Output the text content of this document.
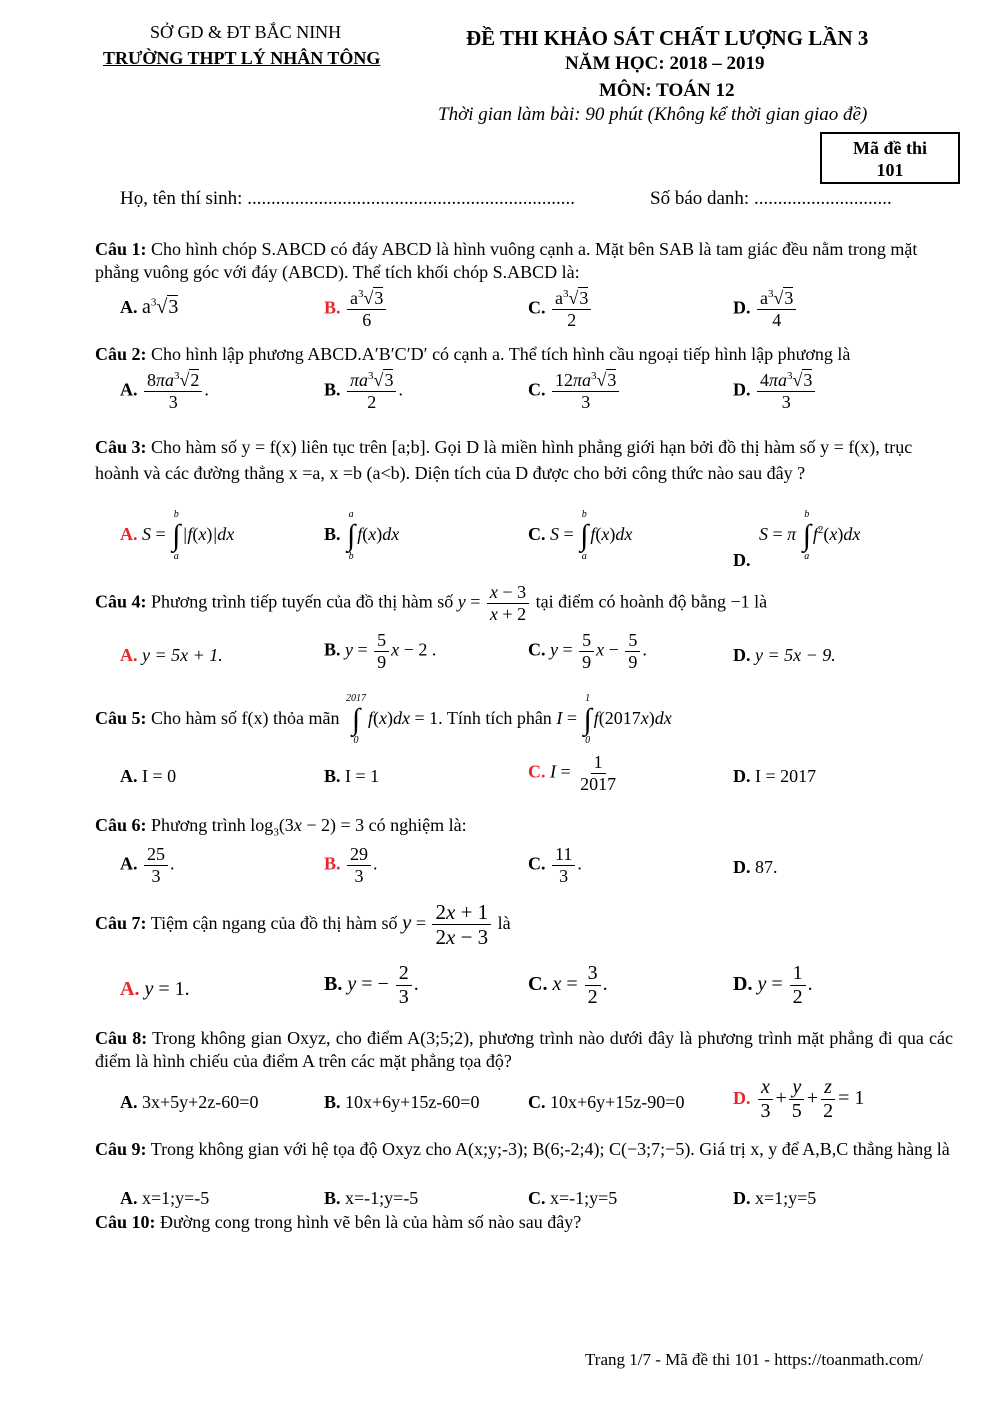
SỞ GD & ĐT BẮC NINH
TRƯỜNG THPT LÝ NHÂN TÔNG
ĐỀ THI KHẢO SÁT CHẤT LƯỢNG LẦN 3
NĂM HỌC: 2018 – 2019
MÔN: TOÁN 12
Thời gian làm bài: 90 phút (Không kể thời gian giao đề)
Mã đề thi
101
Họ, tên thí sinh: .....................................................................	Số báo danh: .............................
Câu 1: Cho hình chóp S.ABCD có đáy ABCD là hình vuông cạnh a. Mặt bên SAB là tam giác đều nằm trong mặt phẳng vuông góc với đáy (ABCD). Thể tích khối chóp S.ABCD là:
A. $a^3√3$	B. $\frac{a^3√3}{6}$	C. $\frac{a^3√3}{2}$	D. $\frac{a^3√3}{4}$
Câu 2: Cho hình lập phương ABCD.A′B′C′D′ có cạnh a. Thể tích hình cầu ngoại tiếp hình lập phương là
A. $\frac{8\pi a^3√2}{3}$ .	B. $\frac{\pi a^3√3}{2}$ .	C. $\frac{12\pi a^3√3}{3}$	D. $\frac{4\pi a^3√3}{3}$
Câu 3: Cho hàm số y = f(x) liên tục trên [a;b]. Gọi D là miền hình phẳng giới hạn bởi đồ thị hàm số y = f(x), trục hoành và các đường thẳng x =a, x =b (a<b). Diện tích của D được cho bởi công thức nào sau đây ?
A. S =
b
∫
a
|f(x)|dx	B.
a
∫
b
f(x)dx	C. S =
b
∫
a
f(x)dx
D.
S = π
b
∫
a
$f^2(x)dx$
Câu 4: Phương trình tiếp tuyến của đồ thị hàm số $y = \frac{x - 3}{x + 2}$ tại điểm có hoành độ bằng −1 là
A. y = 5x + 1.	B. $y = \frac{5}{9}$ x − 2 .	C. $y = \frac{5}{9}$ $x - \frac{5}{9}$ .	D. y = 5x − 9.
Câu 5: Cho hàm số f(x) thỏa mãn
2017
∫
0
f(x)dx = 1. Tính tích phân I =
1
∫
0
f(2017x)dx
A. I = 0	B. I = 1	C. $I = \frac{1}{2017}$	D. I = 2017
Câu 6: Phương trình $\log_3(3x - 2) = 3$ có nghiệm là:
A. $\frac{25}{3}$ .	B. $\frac{29}{3}$ .	C. $\frac{11}{3}$ .	D. 87.
Câu 7: Tiệm cận ngang của đồ thị hàm số $y = \frac{2x + 1}{2x - 3}$ là
A. y = 1.	B. y = − $\frac{2}{3}$ .	C. $x = \frac{3}{2}$ .	D. $y = \frac{1}{2}$ .
Câu 8: Trong không gian Oxyz, cho điểm A(3;5;2), phương trình nào dưới đây là phương trình mặt phẳng đi qua các điểm là hình chiếu của điểm A trên các mặt phẳng tọa độ?
A. 3x+5y+2z-60=0	B. 10x+6y+15z-60=0	C. 10x+6y+15z-90=0	D. $\frac{x}{3} + \frac{y}{5} + \frac{z}{2} = 1$
Câu 9: Trong không gian với hệ tọa độ Oxyz cho A(x;y;-3); B(6;-2;4); C(−3;7;−5). Giá trị x, y để A,B,C thẳng hàng là
A. x=1;y=-5	B. x=-1;y=-5	C. x=-1;y=5	D. x=1;y=5
Câu 10: Đường cong trong hình vẽ bên là của hàm số nào sau đây?
Trang 1/7 - Mã đề thi 101 - https://toanmath.com/
